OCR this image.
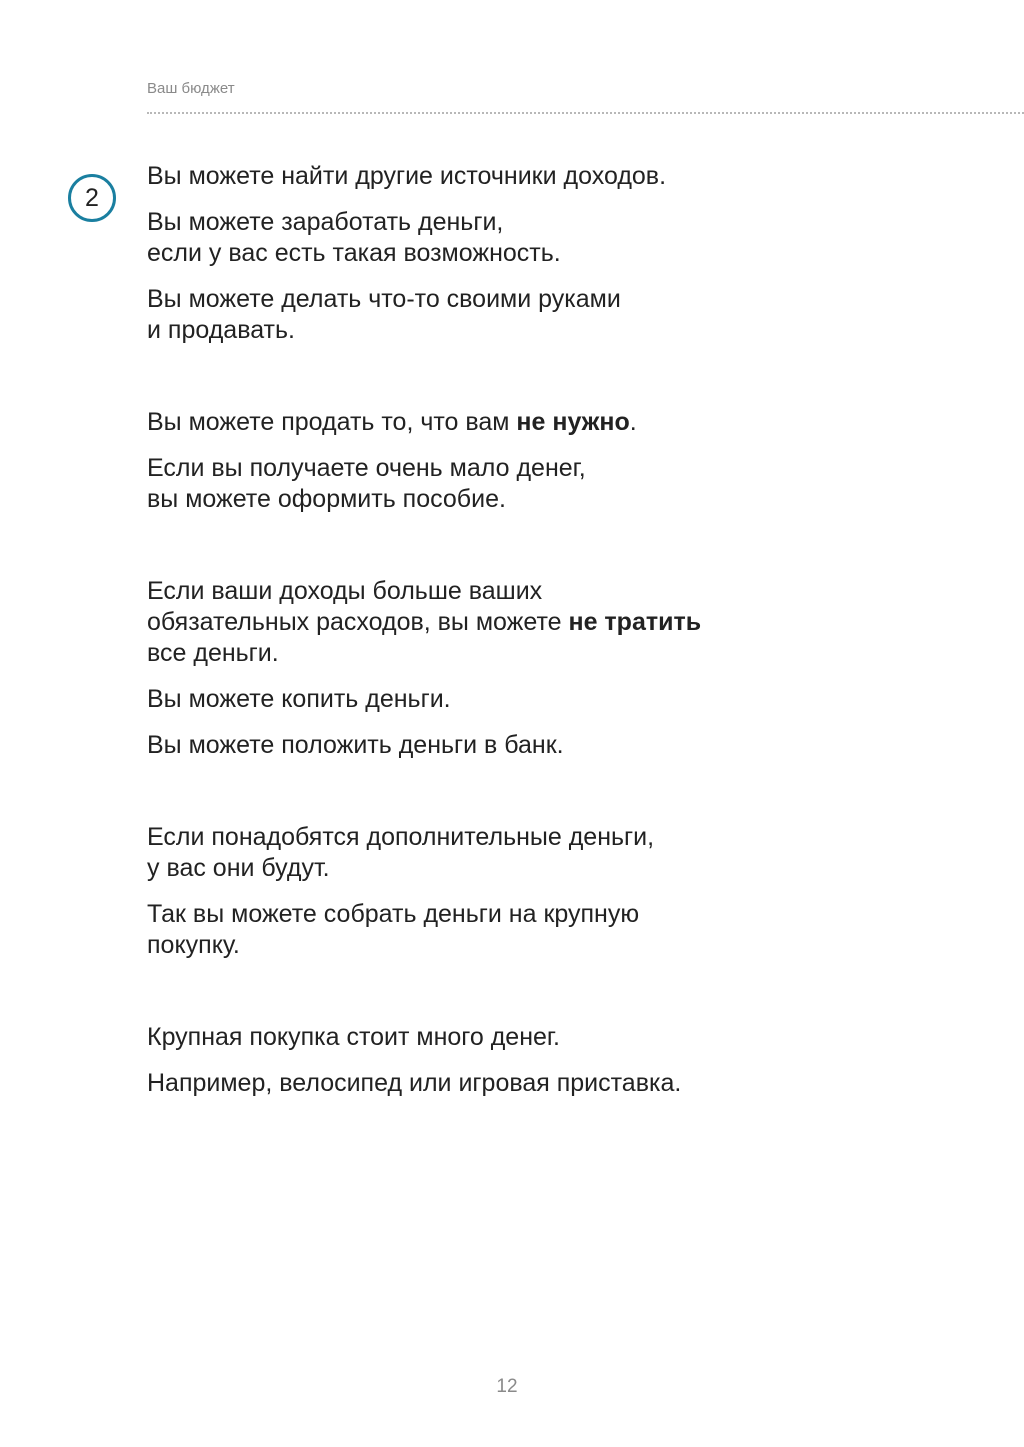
Ваш бюджет
2

Вы можете найти другие источники доходов.

Вы можете заработать деньги,
если у вас есть такая возможность.

Вы можете делать что-то своими руками
и продавать.

Вы можете продать то, что вам не нужно.

Если вы получаете очень мало денег,
вы можете оформить пособие.

Если ваши доходы больше ваших
обязательных расходов, вы можете не тратить
все деньги.

Вы можете копить деньги.

Вы можете положить деньги в банк.

Если понадобятся дополнительные деньги,
у вас они будут.

Так вы можете собрать деньги на крупную
покупку.

Крупная покупка стоит много денег.

Например, велосипед или игровая приставка.

12
